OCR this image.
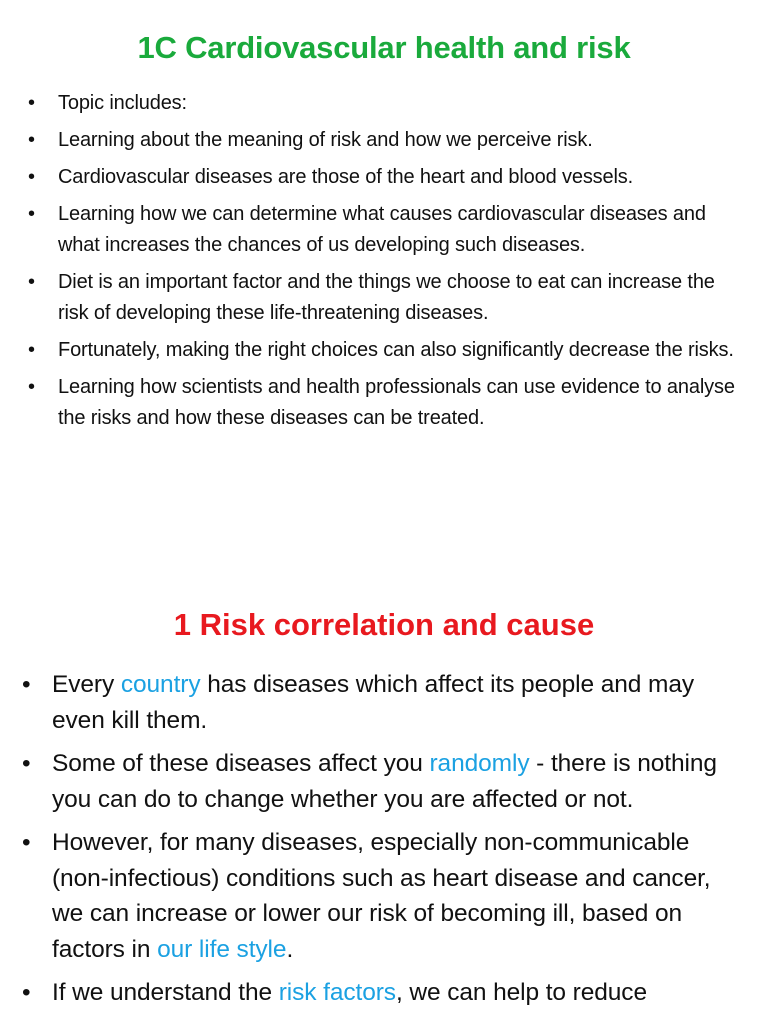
1C Cardiovascular health and risk
• Topic includes:
• Learning about the meaning of risk and how we perceive risk.
• Cardiovascular diseases are those of the heart and blood vessels.
• Learning how we can determine what causes cardiovascular diseases and what increases the chances of us developing such diseases.
• Diet is an important factor and the things we choose to eat can increase the risk of developing these life-threatening diseases.
• Fortunately, making the right choices can also significantly decrease the risks.
• Learning how scientists and health professionals can use evidence to analyse the risks and how these diseases can be treated.
1 Risk correlation and cause
• Every country has diseases which affect its people and may even kill them.
• Some of these diseases affect you randomly - there is nothing you can do to change whether you are affected or not.
• However, for many diseases, especially non-communicable (non-infectious) conditions such as heart disease and cancer, we can increase or lower our risk of becoming ill, based on factors in our life style.
• If we understand the risk factors, we can help to reduce
